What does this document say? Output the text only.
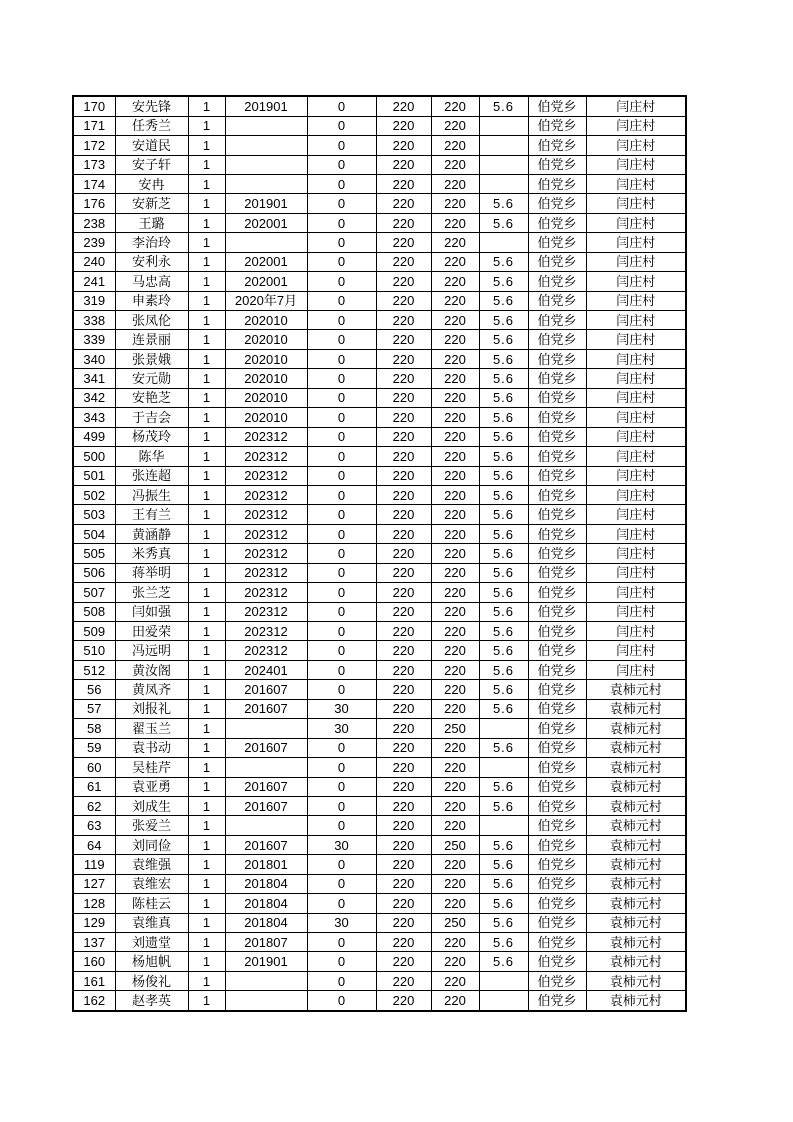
170	安先锋	1	201901	0	220	220	5.6	伯党乡	闫庄村
171	任秀兰	1		0	220	220		伯党乡	闫庄村
172	安道民	1		0	220	220		伯党乡	闫庄村
173	安子轩	1		0	220	220		伯党乡	闫庄村
174	安冉	1		0	220	220		伯党乡	闫庄村
176	安新芝	1	201901	0	220	220	5.6	伯党乡	闫庄村
238	王璐	1	202001	0	220	220	5.6	伯党乡	闫庄村
239	李治玲	1		0	220	220		伯党乡	闫庄村
240	安利永	1	202001	0	220	220	5.6	伯党乡	闫庄村
241	马忠高	1	202001	0	220	220	5.6	伯党乡	闫庄村
319	申素玲	1	2020年7月	0	220	220	5.6	伯党乡	闫庄村
338	张凤伦	1	202010	0	220	220	5.6	伯党乡	闫庄村
339	连景丽	1	202010	0	220	220	5.6	伯党乡	闫庄村
340	张景娥	1	202010	0	220	220	5.6	伯党乡	闫庄村
341	安元勋	1	202010	0	220	220	5.6	伯党乡	闫庄村
342	安艳芝	1	202010	0	220	220	5.6	伯党乡	闫庄村
343	于吉会	1	202010	0	220	220	5.6	伯党乡	闫庄村
499	杨茂玲	1	202312	0	220	220	5.6	伯党乡	闫庄村
500	陈华	1	202312	0	220	220	5.6	伯党乡	闫庄村
501	张连超	1	202312	0	220	220	5.6	伯党乡	闫庄村
502	冯振生	1	202312	0	220	220	5.6	伯党乡	闫庄村
503	王有兰	1	202312	0	220	220	5.6	伯党乡	闫庄村
504	黄涵静	1	202312	0	220	220	5.6	伯党乡	闫庄村
505	米秀真	1	202312	0	220	220	5.6	伯党乡	闫庄村
506	蒋举明	1	202312	0	220	220	5.6	伯党乡	闫庄村
507	张兰芝	1	202312	0	220	220	5.6	伯党乡	闫庄村
508	闫如强	1	202312	0	220	220	5.6	伯党乡	闫庄村
509	田爱荣	1	202312	0	220	220	5.6	伯党乡	闫庄村
510	冯远明	1	202312	0	220	220	5.6	伯党乡	闫庄村
512	黄汝阁	1	202401	0	220	220	5.6	伯党乡	闫庄村
56	黄凤齐	1	201607	0	220	220	5.6	伯党乡	袁柿元村
57	刘报礼	1	201607	30	220	220	5.6	伯党乡	袁柿元村
58	翟玉兰	1		30	220	250		伯党乡	袁柿元村
59	袁书动	1	201607	0	220	220	5.6	伯党乡	袁柿元村
60	吴桂芹	1		0	220	220		伯党乡	袁柿元村
61	袁亚勇	1	201607	0	220	220	5.6	伯党乡	袁柿元村
62	刘成生	1	201607	0	220	220	5.6	伯党乡	袁柿元村
63	张爱兰	1		0	220	220		伯党乡	袁柿元村
64	刘同俭	1	201607	30	220	250	5.6	伯党乡	袁柿元村
119	袁维强	1	201801	0	220	220	5.6	伯党乡	袁柿元村
127	袁维宏	1	201804	0	220	220	5.6	伯党乡	袁柿元村
128	陈桂云	1	201804	0	220	220	5.6	伯党乡	袁柿元村
129	袁维真	1	201804	30	220	250	5.6	伯党乡	袁柿元村
137	刘遗堂	1	201807	0	220	220	5.6	伯党乡	袁柿元村
160	杨旭帆	1	201901	0	220	220	5.6	伯党乡	袁柿元村
161	杨俊礼	1		0	220	220		伯党乡	袁柿元村
162	赵孝英	1		0	220	220		伯党乡	袁柿元村
